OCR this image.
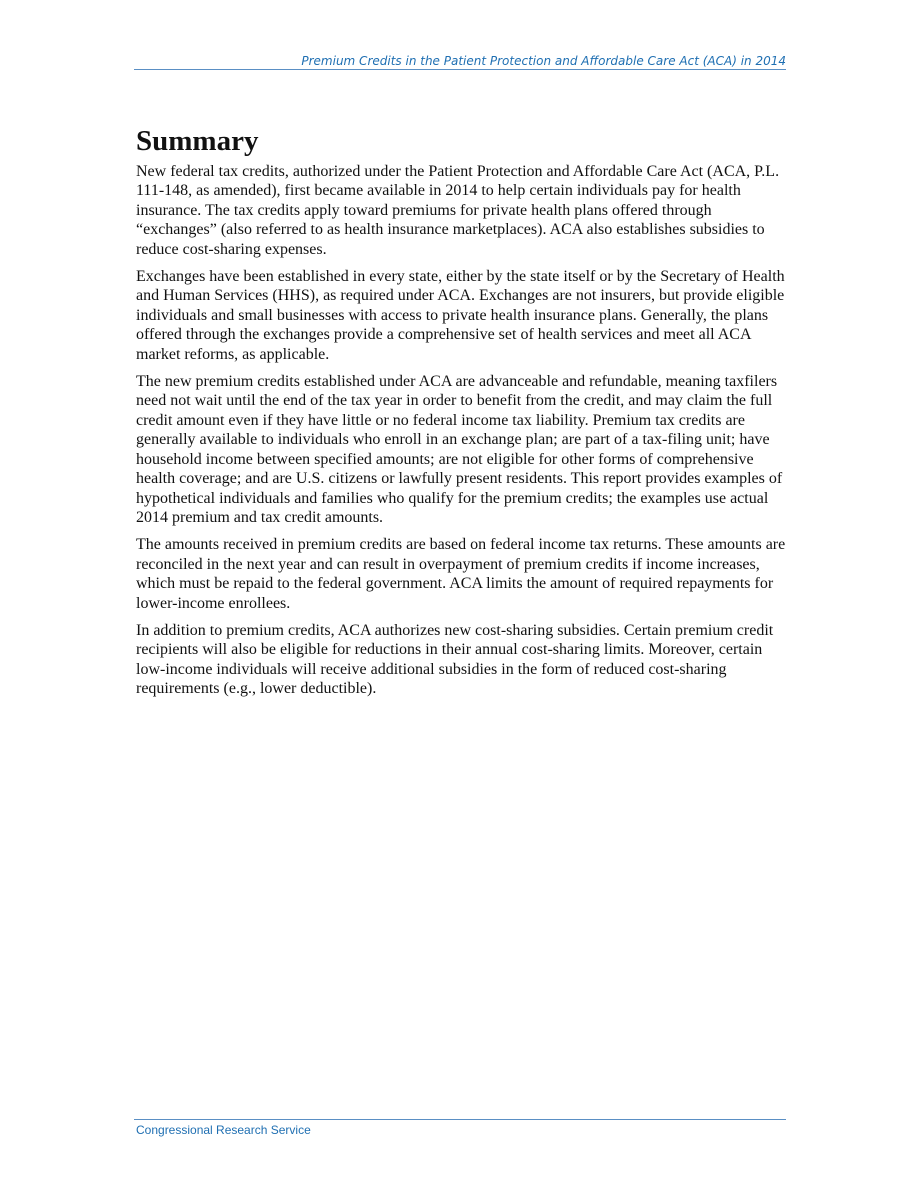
Premium Credits in the Patient Protection and Affordable Care Act (ACA) in 2014
Summary

New federal tax credits, authorized under the Patient Protection and Affordable Care Act (ACA, P.L. 111-148, as amended), first became available in 2014 to help certain individuals pay for health insurance. The tax credits apply toward premiums for private health plans offered through “exchanges” (also referred to as health insurance marketplaces). ACA also establishes subsidies to reduce cost-sharing expenses.

Exchanges have been established in every state, either by the state itself or by the Secretary of Health and Human Services (HHS), as required under ACA. Exchanges are not insurers, but provide eligible individuals and small businesses with access to private health insurance plans. Generally, the plans offered through the exchanges provide a comprehensive set of health services and meet all ACA market reforms, as applicable.

The new premium credits established under ACA are advanceable and refundable, meaning taxfilers need not wait until the end of the tax year in order to benefit from the credit, and may claim the full credit amount even if they have little or no federal income tax liability. Premium tax credits are generally available to individuals who enroll in an exchange plan; are part of a tax-filing unit; have household income between specified amounts; are not eligible for other forms of comprehensive health coverage; and are U.S. citizens or lawfully present residents. This report provides examples of hypothetical individuals and families who qualify for the premium credits; the examples use actual 2014 premium and tax credit amounts.

The amounts received in premium credits are based on federal income tax returns. These amounts are reconciled in the next year and can result in overpayment of premium credits if income increases, which must be repaid to the federal government. ACA limits the amount of required repayments for lower-income enrollees.

In addition to premium credits, ACA authorizes new cost-sharing subsidies. Certain premium credit recipients will also be eligible for reductions in their annual cost-sharing limits. Moreover, certain low-income individuals will receive additional subsidies in the form of reduced cost-sharing requirements (e.g., lower deductible).

Congressional Research Service
